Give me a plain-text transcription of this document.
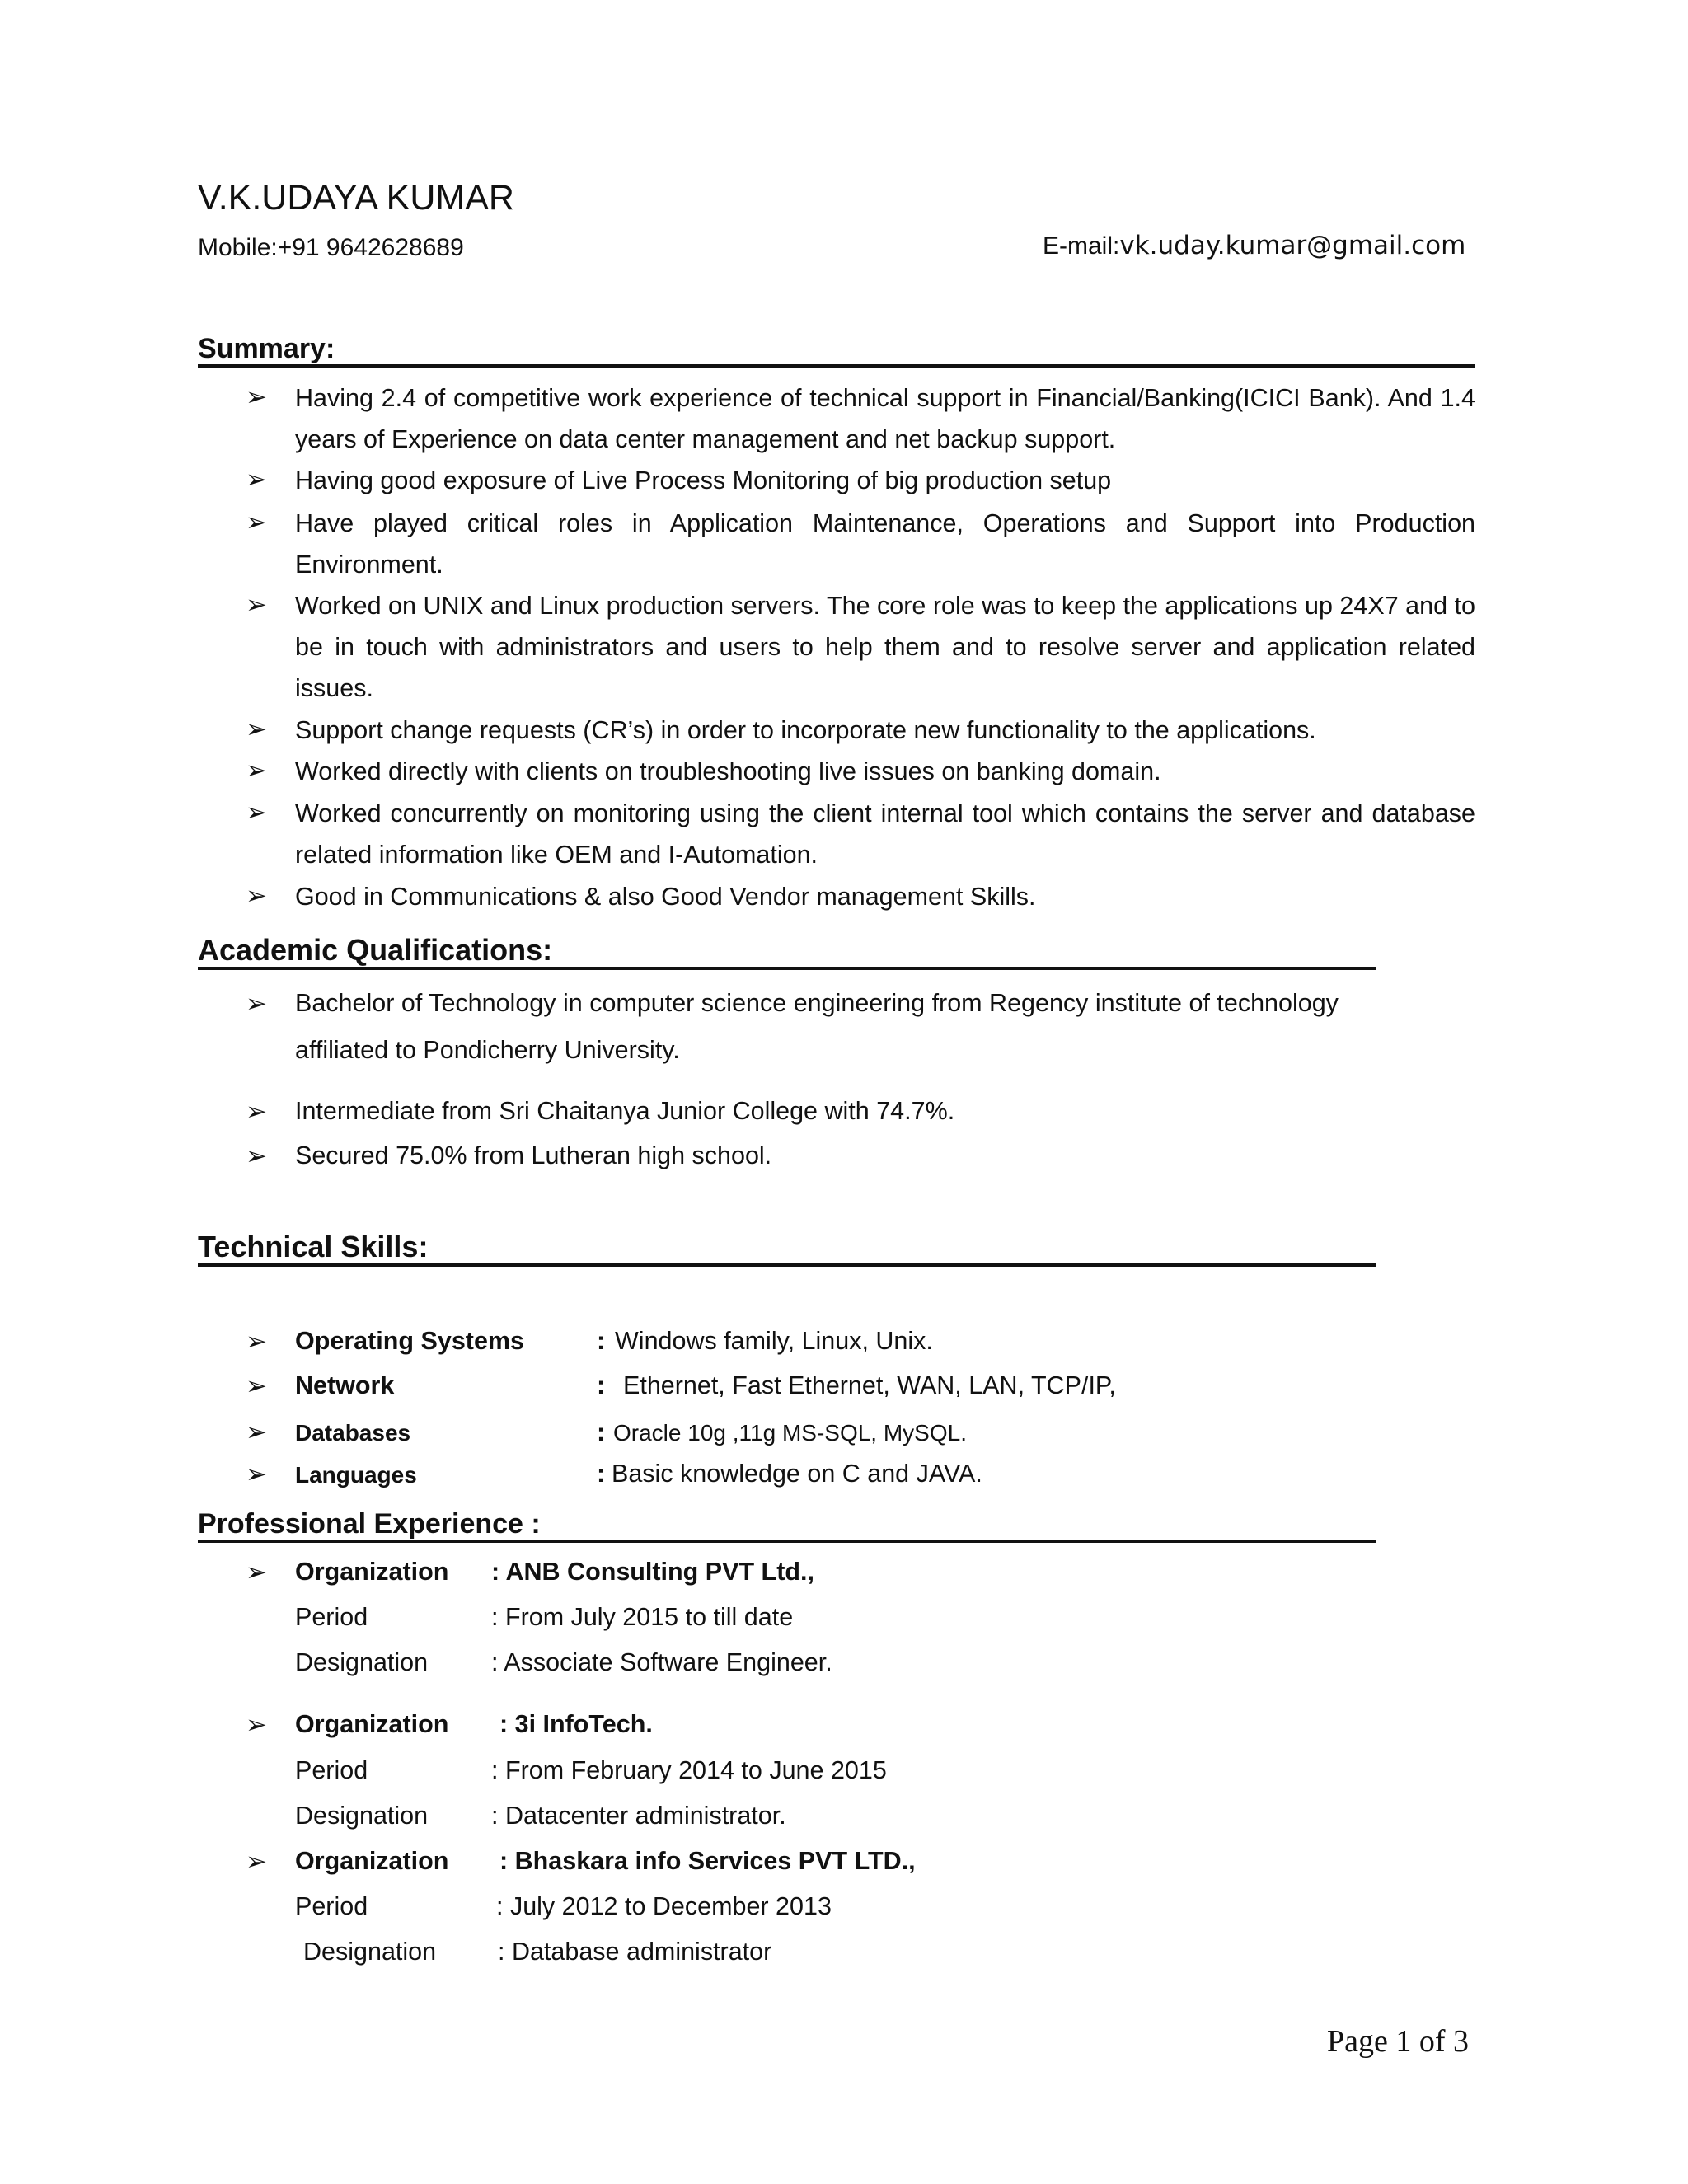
V.K.UDAYA KUMAR
Mobile:+91 9642628689	E-mail:vk.uday.kumar@gmail.com
Summary:
➢ Having 2.4 of competitive work experience of technical support in Financial/Banking(ICICI Bank). And 1.4 years of Experience on data center management and net backup support.
➢ Having good exposure of Live Process Monitoring of big production setup
➢ Have played critical roles in Application Maintenance, Operations and Support into Production Environment.
➢ Worked on UNIX and Linux production servers. The core role was to keep the applications up 24X7 and to be in touch with administrators and users to help them and to resolve server and application related issues.
➢ Support change requests (CR’s) in order to incorporate new functionality to the applications.
➢ Worked directly with clients on troubleshooting live issues on banking domain.
➢ Worked concurrently on monitoring using the client internal tool which contains the server and database related information like OEM and I-Automation.
➢ Good in Communications & also Good Vendor management Skills.
Academic Qualifications:
➢ Bachelor of Technology in computer science engineering from Regency institute of technology
affiliated to Pondicherry University.
➢ Intermediate from Sri Chaitanya Junior College with 74.7%.
➢ Secured 75.0% from Lutheran high school.
Technical Skills:
➢ Operating Systems	: Windows family, Linux, Unix.
➢ Network	: Ethernet, Fast Ethernet, WAN, LAN, TCP/IP,
➢ Databases	: Oracle 10g ,11g MS-SQL, MySQL.
➢ Languages	: Basic knowledge on C and JAVA.
Professional Experience :
➢ Organization : ANB Consulting PVT Ltd.,
Period	: From July 2015 to till date
Designation	: Associate Software Engineer.
➢ Organization : 3i InfoTech.
Period	: From February 2014 to June 2015
Designation	: Datacenter administrator.
➢ Organization : Bhaskara info Services PVT LTD.,
Period	: July 2012 to December 2013
Designation : Database administrator
Page 1 of 3
